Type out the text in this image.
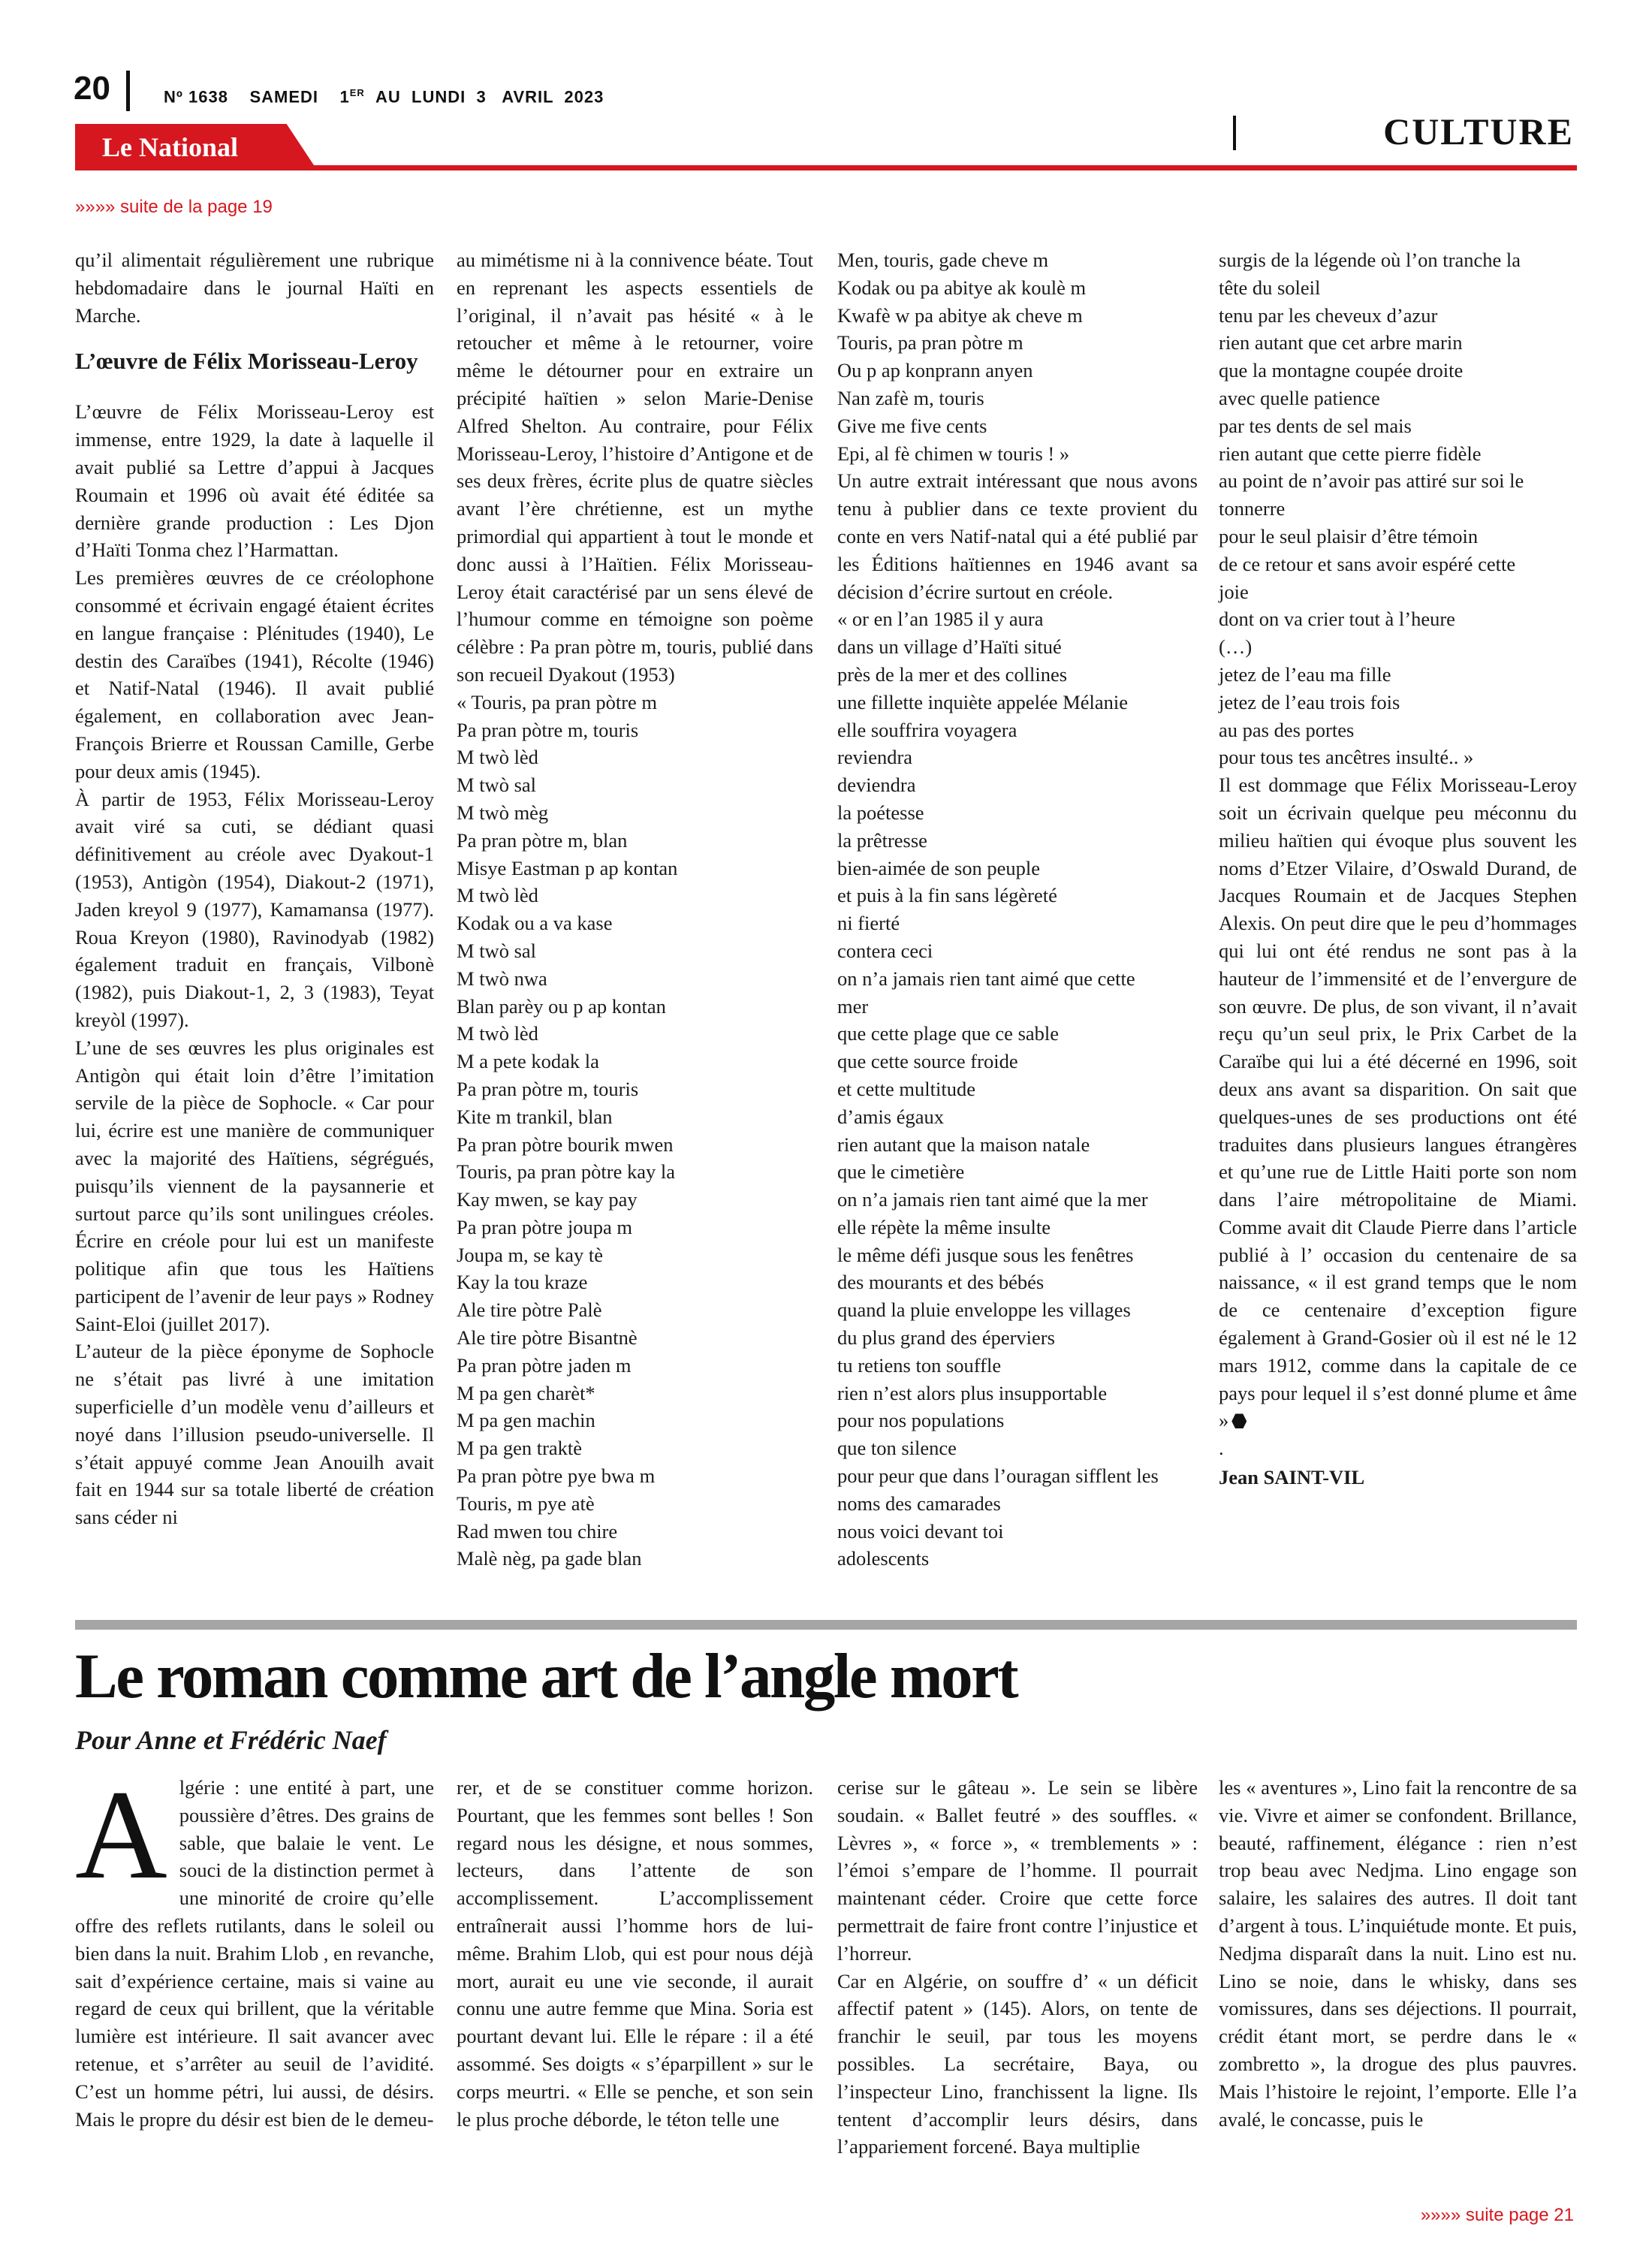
20	Nº 1638 SAMEDI 1ER AU  LUNDI  3   AVRIL  2023
CULTURE
Le National
»»»» suite de la page 19

qu’il alimentait régulièrement une rubrique hebdomadaire dans le journal Haïti en Marche.

L’œuvre de Félix Morisseau-Leroy

L’œuvre de Félix Morisseau-Leroy est immense, entre 1929, la date à laquelle il avait publié sa Lettre d’appui à Jacques Roumain et 1996 où avait été éditée sa dernière grande production : Les Djon d’Haïti Tonma chez l’Harmattan.

Les premières œuvres de ce créolophone consommé et écrivain engagé étaient écrites en langue française : Plénitudes (1940), Le destin des Caraïbes (1941), Récolte (1946) et Natif-Natal (1946). Il avait publié également, en collaboration avec Jean-François Brierre et Roussan Camille, Gerbe pour deux amis (1945).

À partir de 1953, Félix Morisseau-Leroy avait viré sa cuti, se dédiant quasi définitivement au créole avec Dyakout-1 (1953), Antigòn (1954), Diakout-2 (1971), Jaden kreyol 9 (1977), Kamamansa (1977). Roua Kreyon (1980), Ravinodyab (1982) également traduit en français, Vilbonè (1982), puis Diakout-1, 2, 3 (1983), Teyat kreyòl (1997).

L’une de ses œuvres les plus originales est Antigòn qui était loin d’être l’imitation servile de la pièce de Sophocle. « Car pour lui, écrire est une manière de communiquer avec la majorité des Haïtiens, ségrégués, puisqu’ils viennent de la paysannerie et surtout parce qu’ils sont unilingues créoles. Écrire en créole pour lui est un manifeste politique afin que tous les Haïtiens participent de l’avenir de leur pays » Rodney Saint-Eloi (juillet 2017).

L’auteur de la pièce éponyme de Sophocle ne s’était pas livré à une imitation superficielle d’un modèle venu d’ailleurs et noyé dans l’illusion pseudo-universelle. Il s’était appuyé comme Jean Anouilh avait fait en 1944 sur sa totale liberté de création sans céder ni

au mimétisme ni à la connivence béate. Tout en reprenant les aspects essentiels de l’original, il n’avait pas hésité « à le retoucher et même à le retourner, voire même le détourner pour en extraire un précipité haïtien » selon Marie-Denise Alfred Shelton. Au contraire, pour Félix Morisseau-Leroy, l’histoire d’Antigone et de ses deux frères, écrite plus de quatre siècles avant l’ère chrétienne, est un mythe primordial qui appartient à tout le monde et donc aussi à l’Haïtien. Félix Morisseau-Leroy était caractérisé par un sens élevé de l’humour comme en témoigne son poème célèbre : Pa pran pòtre m, touris, publié dans son recueil Dyakout (1953)

« Touris, pa pran pòtre m
Pa pran pòtre m, touris
M twò lèd
M twò sal
M twò mèg
Pa pran pòtre m, blan
Misye Eastman p ap kontan
M twò lèd
Kodak ou a va kase
M twò sal
M twò nwa
Blan parèy ou p ap kontan
M twò lèd
M a pete kodak la
Pa pran pòtre m, touris
Kite m trankil, blan
Pa pran pòtre bourik mwen
Touris, pa pran pòtre kay la
Kay mwen, se kay pay
Pa pran pòtre joupa m
Joupa m, se kay tè
Kay la tou kraze
Ale tire pòtre Palè
Ale tire pòtre Bisantnè
Pa pran pòtre jaden m
M pa gen charèt*
M pa gen machin
M pa gen traktè
Pa pran pòtre pye bwa m
Touris, m pye atè
Rad mwen tou chire
Malè nèg, pa gade blan
Men, touris, gade cheve m
Kodak ou pa abitye ak koulè m
Kwafè w pa abitye ak cheve m
Touris, pa pran pòtre m
Ou p ap konprann anyen
Nan zafè m, touris
Give me five cents
Epi, al fè chimen w touris ! »

Un autre extrait intéressant que nous avons tenu à publier dans ce texte provient du conte en vers Natif-natal qui a été publié par les Éditions haïtiennes en 1946 avant sa décision d’écrire surtout en créole.

« or en l’an 1985 il y aura
dans un village d’Haïti situé
près de la mer et des collines
une fillette inquiète appelée Mélanie
elle souffrira voyagera
reviendra
deviendra
la poétesse
la prêtresse
bien-aimée de son peuple
et puis à la fin sans légèreté
ni fierté
contera ceci
on n’a jamais rien tant aimé que cette
mer
que cette plage que ce sable
que cette source froide
et cette multitude
d’amis égaux
rien autant que la maison natale
que le cimetière
on n’a jamais rien tant aimé que la mer
elle répète la même insulte
le même défi jusque sous les fenêtres
des mourants et des bébés
quand la pluie enveloppe les villages
du plus grand des éperviers
tu retiens ton souffle
rien n’est alors plus insupportable
pour nos populations
que ton silence
pour peur que dans l’ouragan sifflent les
noms des camarades
nous voici devant toi
adolescents
surgis de la légende où l’on tranche la
tête du soleil
tenu par les cheveux d’azur
rien autant que cet arbre marin
que la montagne coupée droite
avec quelle patience
par tes dents de sel mais
rien autant que cette pierre fidèle
au point de n’avoir pas attiré sur soi le
tonnerre
pour le seul plaisir d’être témoin
de ce retour et sans avoir espéré cette
joie
dont on va crier tout à l’heure
(…)
jetez de l’eau ma fille
jetez de l’eau trois fois
au pas des portes
pour tous tes ancêtres insulté.. »

Il est dommage que Félix Morisseau-Leroy soit un écrivain quelque peu méconnu du milieu haïtien qui évoque plus souvent les noms d’Etzer Vilaire, d’Oswald Durand, de Jacques Roumain et de Jacques Stephen Alexis. On peut dire que le peu d’hommages qui lui ont été rendus ne sont pas à la hauteur de l’immensité et de l’envergure de son œuvre. De plus, de son vivant, il n’avait reçu qu’un seul prix, le Prix Carbet de la Caraïbe qui lui a été décerné en 1996, soit deux ans avant sa disparition. On sait que quelques-unes de ses productions ont été traduites dans plusieurs langues étrangères et qu’une rue de Little Haiti porte son nom dans l’aire métropolitaine de Miami. Comme avait dit Claude Pierre dans l’article publié à l’ occasion du centenaire de sa naissance, « il est grand temps que le nom de ce centenaire d’exception figure également à Grand-Gosier où il est né le 12 mars 1912, comme dans la capitale de ce pays pour lequel il s’est donné plume et âme »

.

Jean SAINT-VIL

Le roman comme art de l’angle mort
Pour Anne et Frédéric Naef

Algérie : une entité à part, une poussière d’êtres. Des grains de sable, que balaie le vent. Le souci de la distinction permet à une minorité de croire qu’elle offre des reflets rutilants, dans le soleil ou bien dans la nuit. Brahim Llob , en revanche, sait d’expérience certaine, mais si vaine au regard de ceux qui brillent, que la véritable lumière est intérieure. Il sait avancer avec retenue, et s’arrêter au seuil de l’avidité. C’est un homme pétri, lui aussi, de désirs. Mais le propre du désir est bien de le demeu-

rer, et de se constituer comme horizon. Pourtant, que les femmes sont belles ! Son regard nous les désigne, et nous sommes, lecteurs, dans l’attente de son accomplissement. L’accomplissement entraînerait aussi l’homme hors de lui-même. Brahim Llob, qui est pour nous déjà mort, aurait eu une vie seconde, il aurait connu une autre femme que Mina. Soria est pourtant devant lui. Elle le répare : il a été assommé. Ses doigts « s’éparpillent » sur le corps meurtri. « Elle se penche, et son sein le plus proche déborde, le téton telle une

cerise sur le gâteau ». Le sein se libère soudain. « Ballet feutré » des souffles. « Lèvres », « force », « tremblements » : l’émoi s’empare de l’homme. Il pourrait maintenant céder. Croire que cette force permettrait de faire front contre l’injustice et l’horreur.

Car en Algérie, on souffre d’ « un déficit affectif patent » (145). Alors, on tente de franchir le seuil, par tous les moyens possibles. La secrétaire, Baya, ou l’inspecteur Lino, franchissent la ligne. Ils tentent d’accomplir leurs désirs, dans l’appariement forcené. Baya multiplie

les « aventures », Lino fait la rencontre de sa vie. Vivre et aimer se confondent. Brillance, beauté, raffinement, élégance : rien n’est trop beau avec Nedjma. Lino engage son salaire, les salaires des autres. Il doit tant d’argent à tous. L’inquiétude monte. Et puis, Nedjma disparaît dans la nuit. Lino est nu. Lino se noie, dans le whisky, dans ses vomissures, dans ses déjections. Il pourrait, crédit étant mort, se perdre dans le « zombretto », la drogue des plus pauvres. Mais l’histoire le rejoint, l’emporte. Elle l’a avalé, le concasse, puis le

»»»» suite page 21
